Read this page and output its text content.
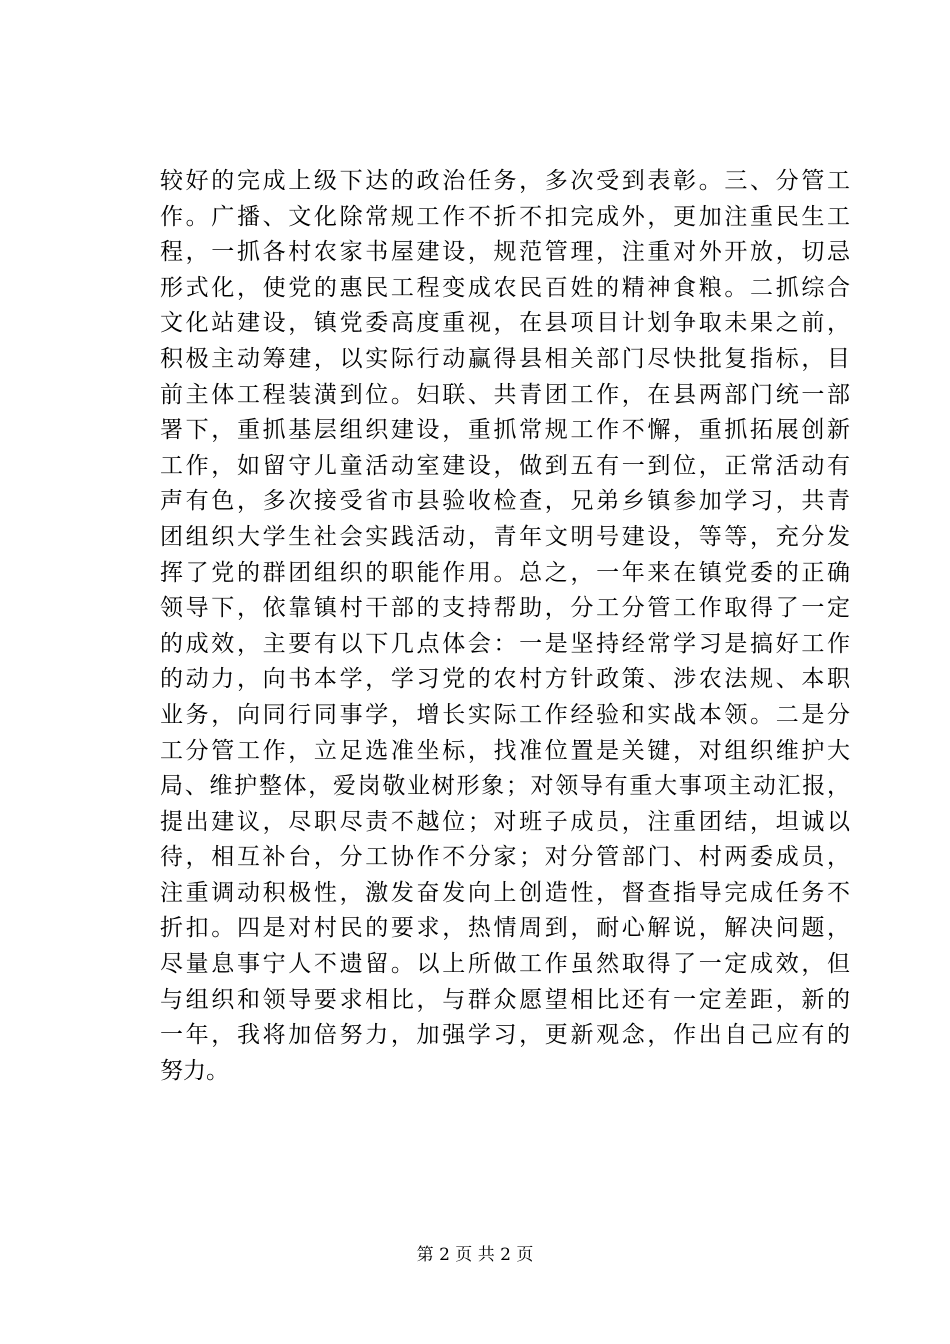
较好的完成上级下达的政治任务，多次受到表彰。三、分管工
作。广播、文化除常规工作不折不扣完成外，更加注重民生工
程，一抓各村农家书屋建设，规范管理，注重对外开放，切忌
形式化，使党的惠民工程变成农民百姓的精神食粮。二抓综合
文化站建设，镇党委高度重视，在县项目计划争取未果之前，
积极主动筹建，以实际行动赢得县相关部门尽快批复指标，目
前主体工程装潢到位。妇联、共青团工作，在县两部门统一部
署下，重抓基层组织建设，重抓常规工作不懈，重抓拓展创新
工作，如留守儿童活动室建设，做到五有一到位，正常活动有
声有色，多次接受省市县验收检查，兄弟乡镇参加学习，共青
团组织大学生社会实践活动，青年文明号建设，等等，充分发
挥了党的群团组织的职能作用。总之，一年来在镇党委的正确
领导下，依靠镇村干部的支持帮助，分工分管工作取得了一定
的成效，主要有以下几点体会：一是坚持经常学习是搞好工作
的动力，向书本学，学习党的农村方针政策、涉农法规、本职
业务，向同行同事学，增长实际工作经验和实战本领。二是分
工分管工作，立足选准坐标，找准位置是关键，对组织维护大
局、维护整体，爱岗敬业树形象；对领导有重大事项主动汇报，
提出建议，尽职尽责不越位；对班子成员，注重团结，坦诚以
待，相互补台，分工协作不分家；对分管部门、村两委成员，
注重调动积极性，激发奋发向上创造性，督查指导完成任务不
折扣。四是对村民的要求，热情周到，耐心解说，解决问题，
尽量息事宁人不遗留。以上所做工作虽然取得了一定成效，但
与组织和领导要求相比，与群众愿望相比还有一定差距，新的
一年，我将加倍努力，加强学习，更新观念，作出自己应有的
努力。
第 2 页 共 2 页
